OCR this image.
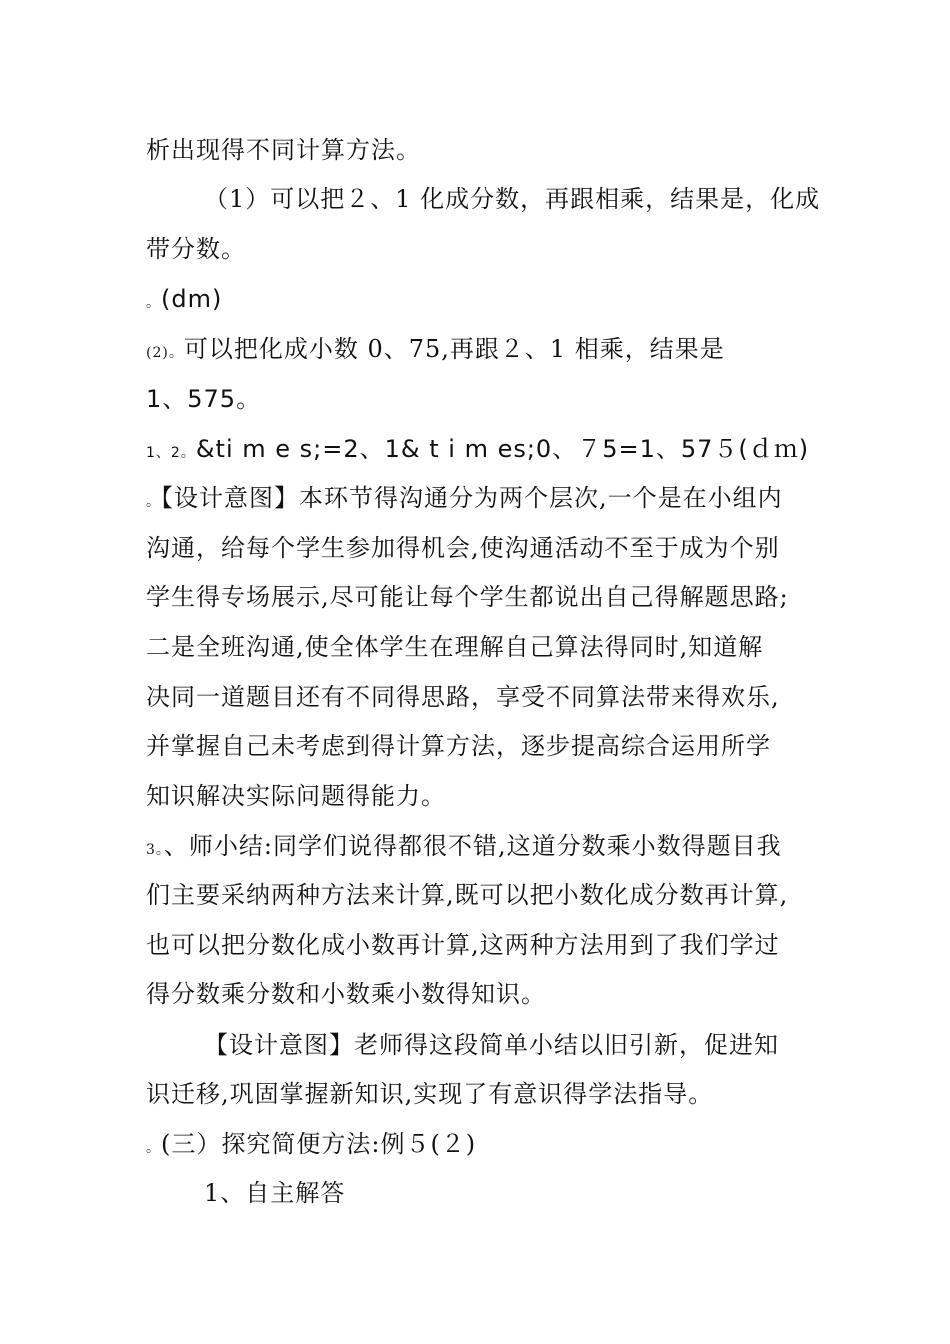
析出现得不同计算方法。
（1）可以把２、1 化成分数，再跟相乘，结果是，化成
带分数。
。(dm)
(2)。可以把化成小数 0、75,再跟２、1 相乘，结果是
1、575。
1、2。&ti m e s;=2、1& t i m es;0、７5=1、57５(ｄｍ)
。【设计意图】本环节得沟通分为两个层次,一个是在小组内
沟通，给每个学生参加得机会,使沟通活动不至于成为个别
学生得专场展示,尽可能让每个学生都说出自己得解题思路;
二是全班沟通,使全体学生在理解自己算法得同时,知道解
决同一道题目还有不同得思路，享受不同算法带来得欢乐,
并掌握自己未考虑到得计算方法，逐步提高综合运用所学
知识解决实际问题得能力。
3。、师小结:同学们说得都很不错,这道分数乘小数得题目我
们主要采纳两种方法来计算,既可以把小数化成分数再计算,
也可以把分数化成小数再计算,这两种方法用到了我们学过
得分数乘分数和小数乘小数得知识。
【设计意图】老师得这段简单小结以旧引新，促进知
识迁移,巩固掌握新知识,实现了有意识得学法指导。
。(三）探究简便方法:例５(２)
1、自主解答
